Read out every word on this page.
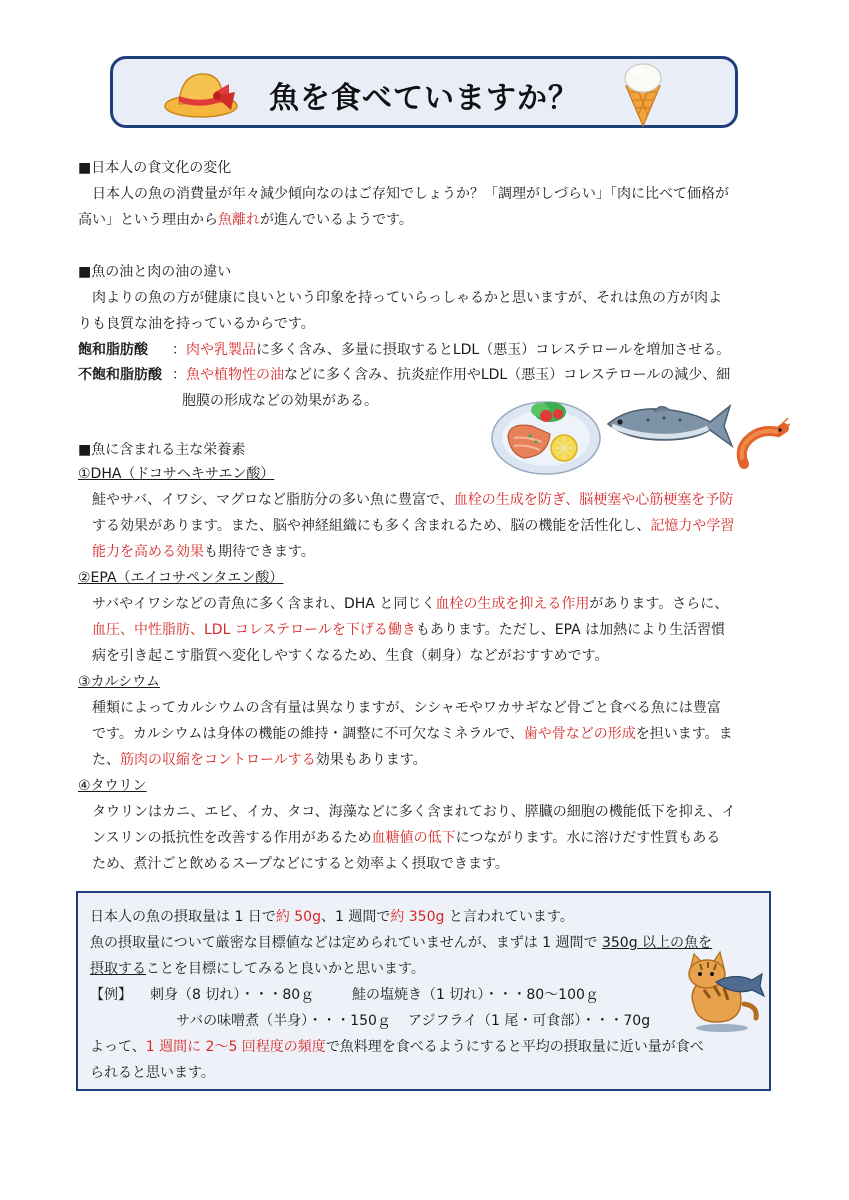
魚を食べていますか？
■日本人の食文化の変化
日本人の魚の消費量が年々減少傾向なのはご存知でしょうか？「調理がしづらい」「肉に比べて価格が
高い」という理由から魚離れが進んでいるようです。
■魚の油と肉の油の違い
肉よりの魚の方が健康に良いという印象を持っていらっしゃるかと思いますが、それは魚の方が肉よ
りも良質な油を持っているからです。
飽和脂肪酸 ：肉や乳製品に多く含み、多量に摂取するとLDL（悪玉）コレステロールを増加させる。
不飽和脂肪酸 ：魚や植物性の油などに多く含み、抗炎症作用やLDL（悪玉）コレステロールの減少、細
胞膜の形成などの効果がある。
■魚に含まれる主な栄養素
①DHA（ドコサヘキサエン酸）
鮭やサバ、イワシ、マグロなど脂肪分の多い魚に豊富で、血栓の生成を防ぎ、脳梗塞や心筋梗塞を予防
する効果があります。また、脳や神経組織にも多く含まれるため、脳の機能を活性化し、記憶力や学習
能力を高める効果も期待できます。
②EPA（エイコサペンタエン酸）
サバやイワシなどの青魚に多く含まれ、DHA と同じく血栓の生成を抑える作用があります。さらに、
血圧、中性脂肪、LDL コレステロールを下げる働きもあります。ただし、EPA は加熱により生活習慣
病を引き起こす脂質へ変化しやすくなるため、生食（刺身）などがおすすめです。
③カルシウム
種類によってカルシウムの含有量は異なりますが、シシャモやワカサギなど骨ごと食べる魚には豊富
です。カルシウムは身体の機能の維持・調整に不可欠なミネラルで、歯や骨などの形成を担います。ま
た、筋肉の収縮をコントロールする効果もあります。
④タウリン
タウリンはカニ、エビ、イカ、タコ、海藻などに多く含まれており、膵臓の細胞の機能低下を抑え、イ
ンスリンの抵抗性を改善する作用があるため血糖値の低下につながります。水に溶けだす性質もある
ため、煮汁ごと飲めるスープなどにすると効率よく摂取できます。
日本人の魚の摂取量は 1 日で約 50g、1 週間で約 350g と言われています。
魚の摂取量について厳密な目標値などは定められていませんが、まずは 1 週間で 350g 以上の魚を
摂取することを目標にしてみると良いかと思います。
【例】 刺身（8 切れ）・・・80ｇ	鮭の塩焼き（1 切れ）・・・80～100ｇ
サバの味噌煮（半身）・・・150ｇ アジフライ（1 尾・可食部）・・・70g
よって、1 週間に 2～5 回程度の頻度で魚料理を食べるようにすると平均の摂取量に近い量が食べ
られると思います。
